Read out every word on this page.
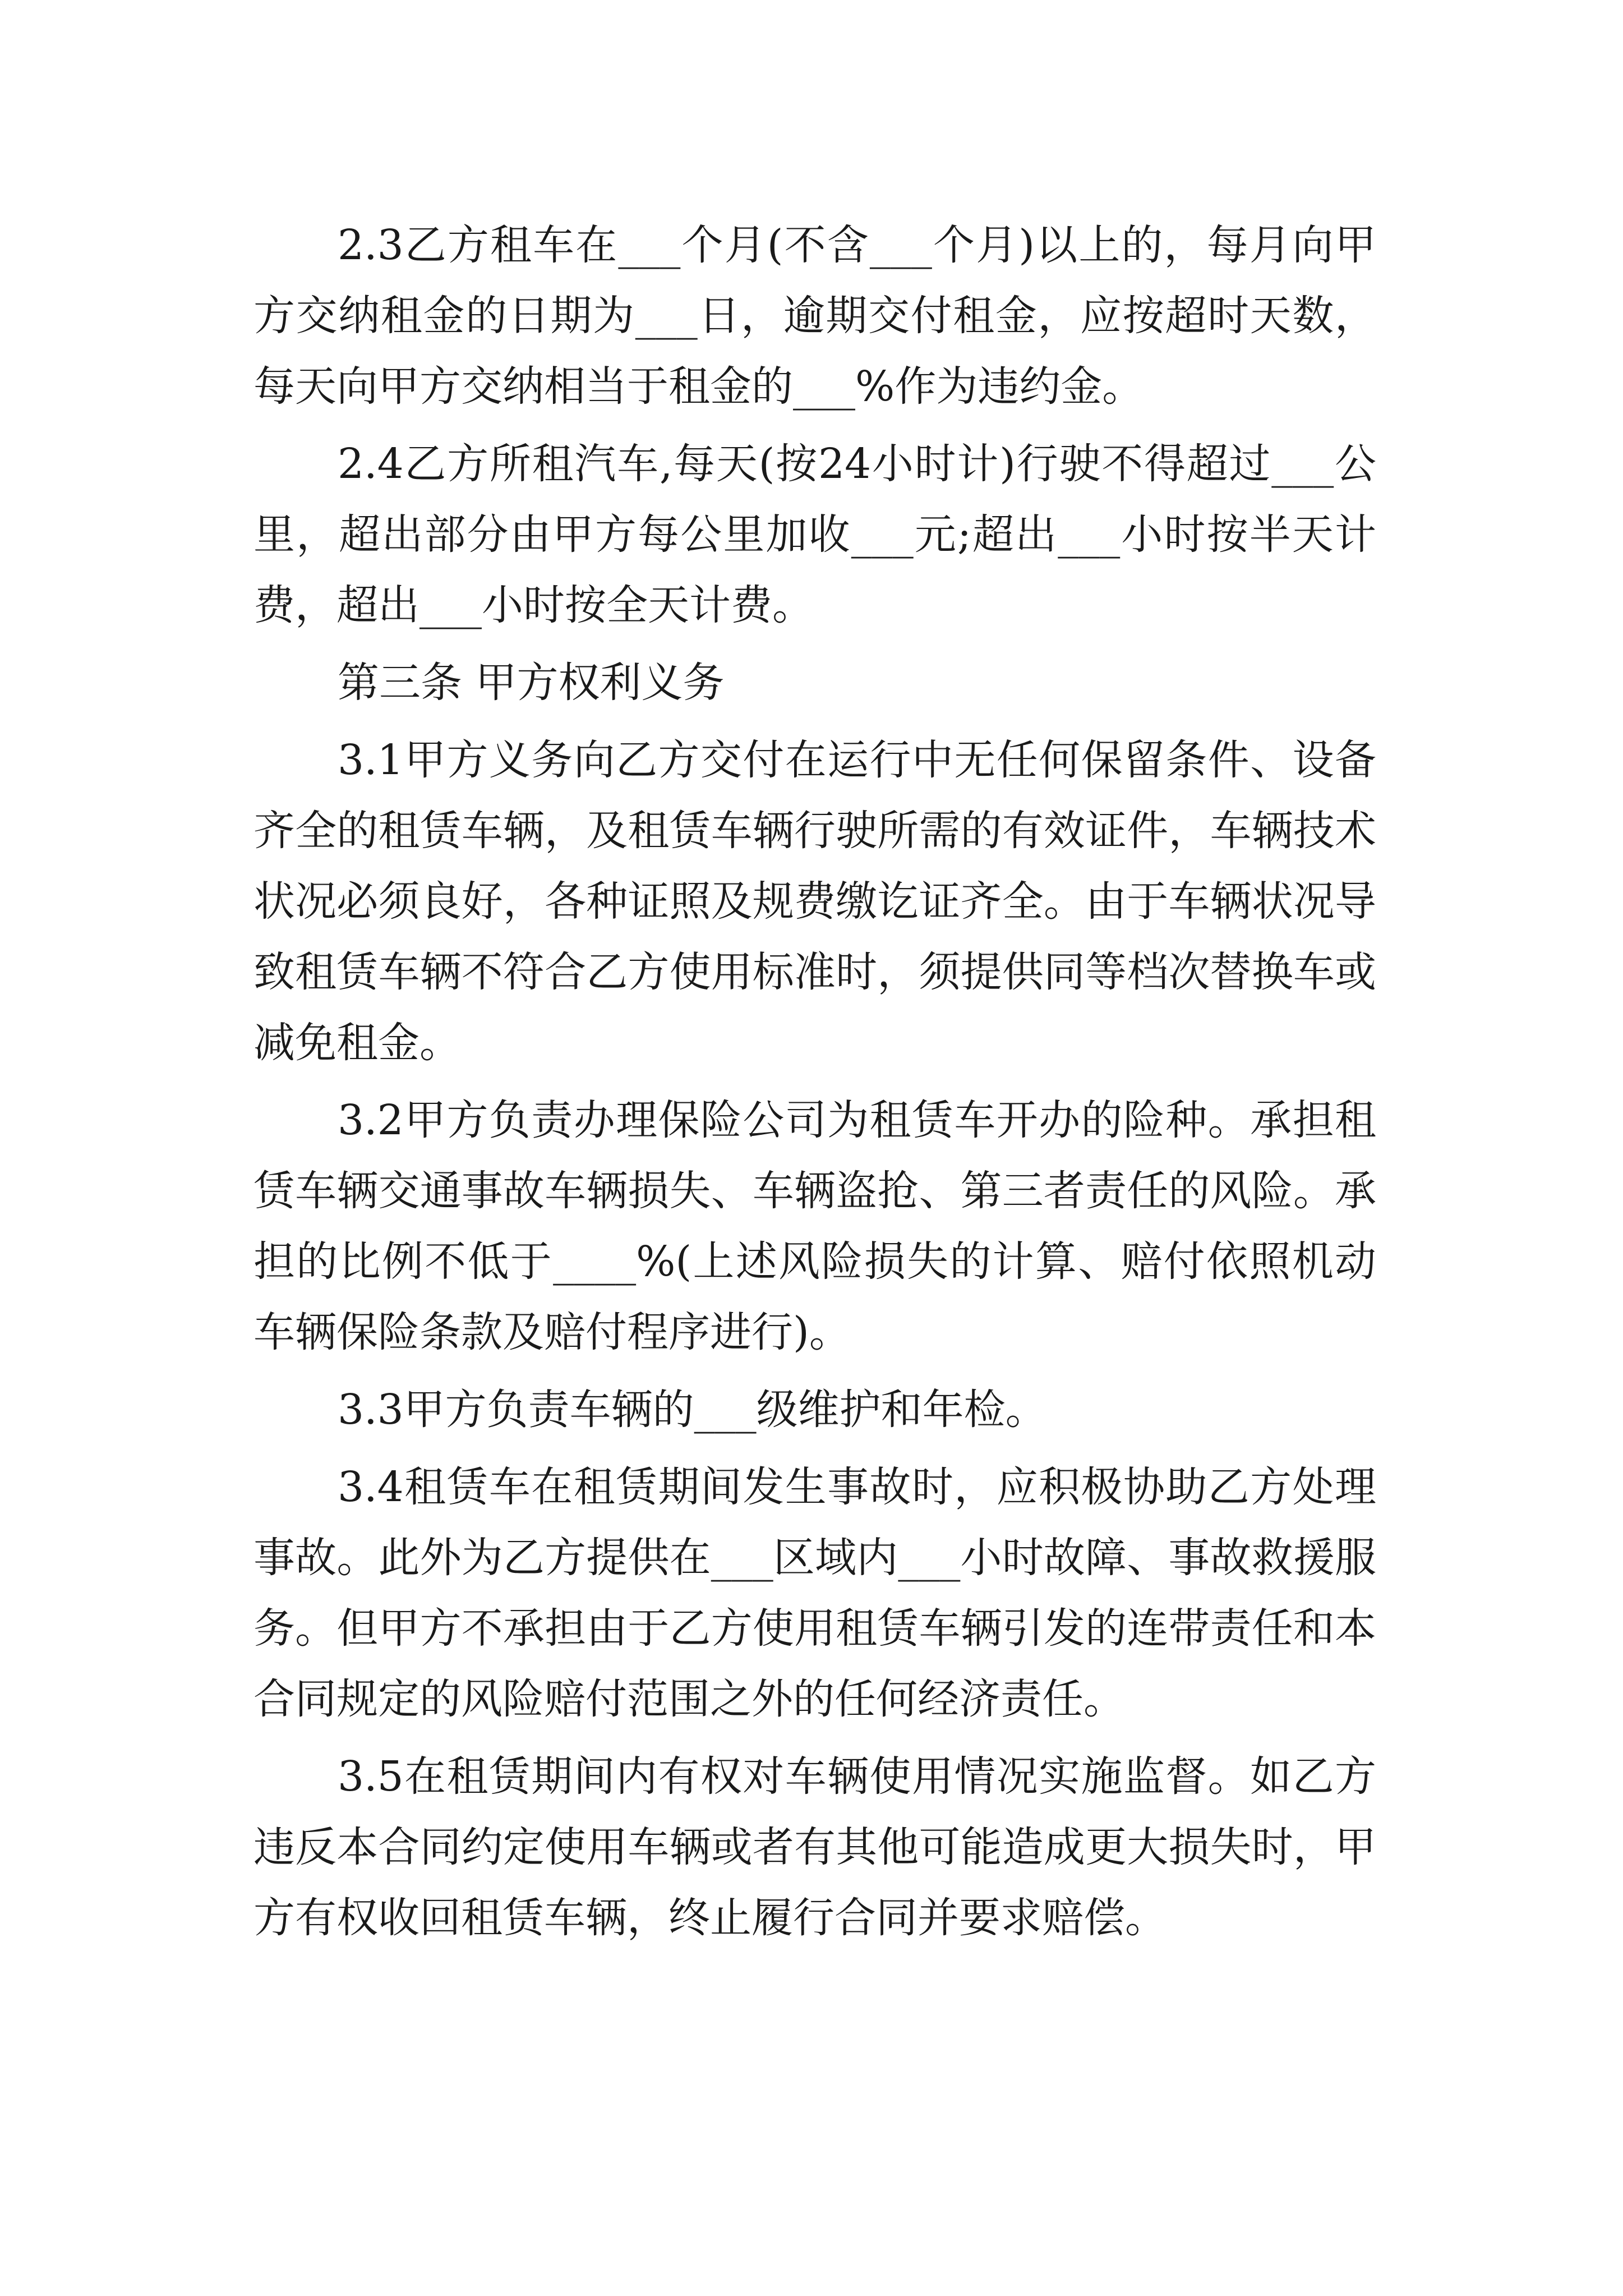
2.3乙方租车在___个月(不含___个月)以上的，每月向甲方交纳租金的日期为___日，逾期交付租金，应按超时天数，每天向甲方交纳相当于租金的___%作为违约金。

2.4乙方所租汽车,每天(按24小时计)行驶不得超过___公里，超出部分由甲方每公里加收___元;超出___小时按半天计费，超出___小时按全天计费。

第三条 甲方权利义务

3.1甲方义务向乙方交付在运行中无任何保留条件、设备齐全的租赁车辆，及租赁车辆行驶所需的有效证件，车辆技术状况必须良好，各种证照及规费缴讫证齐全。由于车辆状况导致租赁车辆不符合乙方使用标准时，须提供同等档次替换车或减免租金。

3.2甲方负责办理保险公司为租赁车开办的险种。承担租赁车辆交通事故车辆损失、车辆盗抢、第三者责任的风险。承担的比例不低于____%(上述风险损失的计算、赔付依照机动车辆保险条款及赔付程序进行)。

3.3甲方负责车辆的___级维护和年检。

3.4租赁车在租赁期间发生事故时，应积极协助乙方处理事故。此外为乙方提供在___区域内___小时故障、事故救援服务。但甲方不承担由于乙方使用租赁车辆引发的连带责任和本合同规定的风险赔付范围之外的任何经济责任。

3.5在租赁期间内有权对车辆使用情况实施监督。如乙方违反本合同约定使用车辆或者有其他可能造成更大损失时，甲方有权收回租赁车辆，终止履行合同并要求赔偿。
